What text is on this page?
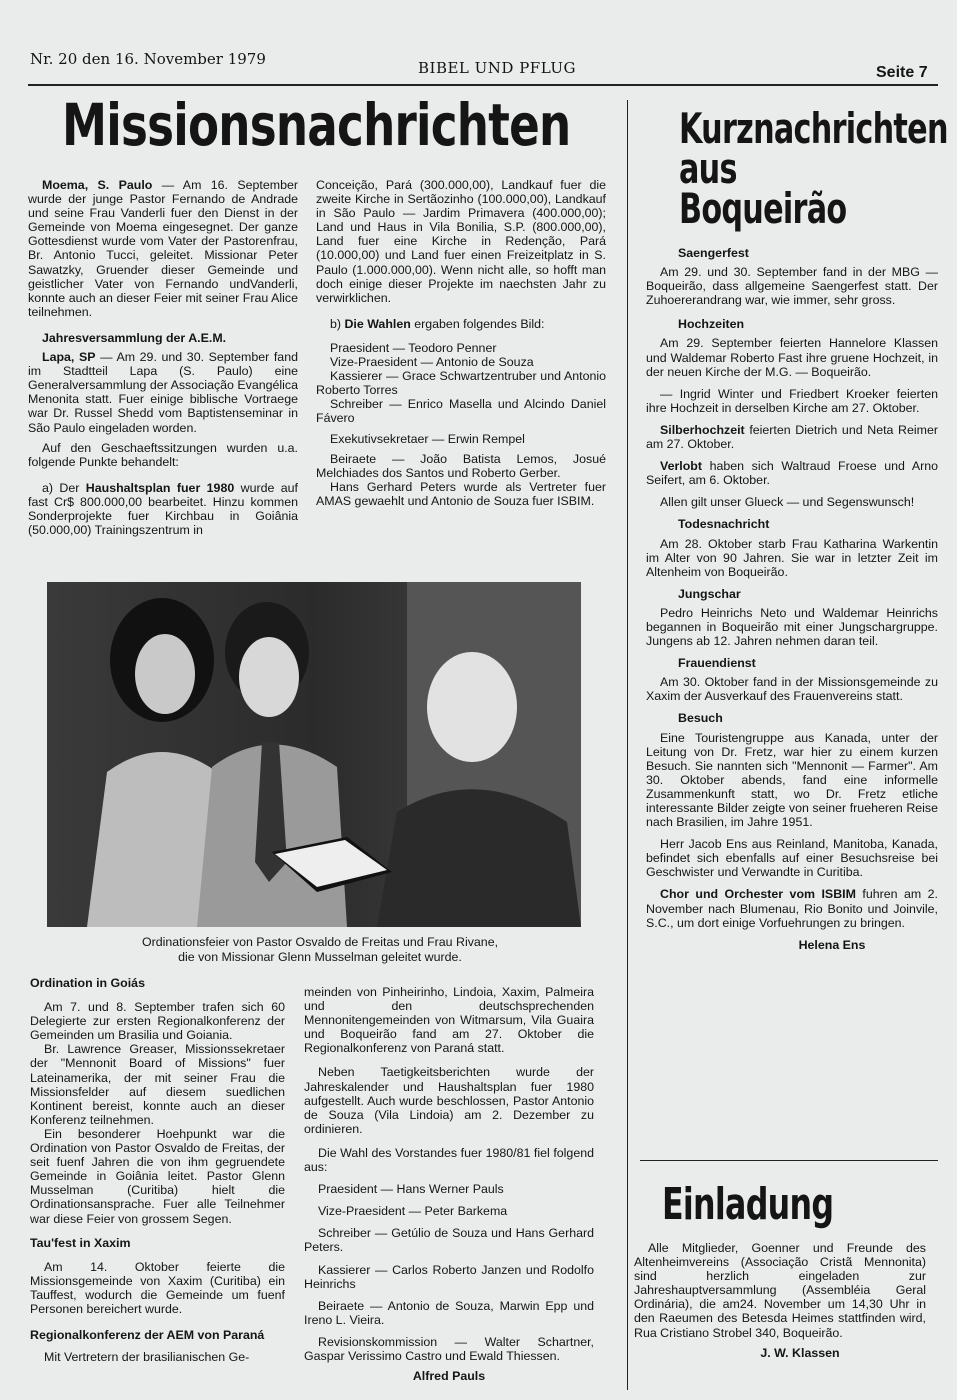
Nr. 20 den 16. November 1979	BIBEL UND PFLUG	Seite 7
Missionsnachrichten

Moema, S. Paulo — Am 16. September wurde der junge Pastor Fernando de Andrade und seine Frau Vanderli fuer den Dienst in der Gemeinde von Moema eingesegnet. Der ganze Gottesdienst wurde vom Vater der Pastorenfrau, Br. Antonio Tucci, geleitet. Missionar Peter Sawatzky, Gruender dieser Gemeinde und geistlicher Vater von Fernando undVanderli, konnte auch an dieser Feier mit seiner Frau Alice teilnehmen.

Jahresversammlung der A.E.M.

Lapa, SP — Am 29. und 30. September fand im Stadtteil Lapa (S. Paulo) eine Generalversammlung der Associação Evangélica Menonita statt. Fuer einige biblische Vortraege war Dr. Russel Shedd vom Baptistenseminar in São Paulo eingeladen worden.

Auf den Geschaeftssitzungen wurden u.a. folgende Punkte behandelt:

a) Der Haushaltsplan fuer 1980 wurde auf fast Cr$ 800.000,00 bearbeitet. Hinzu kommen Sonderprojekte fuer Kirchbau in Goiânia (50.000,00) Trainingszentrum in

Conceição, Pará (300.000,00), Landkauf fuer die zweite Kirche in Sertãozinho (100.000,00), Landkauf in São Paulo — Jardim Primavera (400.000,00); Land und Haus in Vila Bonilia, S.P. (800.000,00), Land fuer eine Kirche in Redenção, Pará (10.000,00) und Land fuer einen Freizeitplatz in S. Paulo (1.000.000,00). Wenn nicht alle, so hofft man doch einige dieser Projekte im naechsten Jahr zu verwirklichen.

b) Die Wahlen ergaben folgendes Bild:

Praesident — Teodoro Penner

Vize-Praesident — Antonio de Souza

Kassierer — Grace Schwartzentruber und Antonio Roberto Torres

Schreiber — Enrico Masella und Alcindo Daniel Fávero

Exekutivsekretaer — Erwin Rempel

Beiraete — João Batista Lemos, Josué Melchiades dos Santos und Roberto Gerber.

Hans Gerhard Peters wurde als Vertreter fuer AMAS gewaehlt und Antonio de Souza fuer ISBIM.

Ordinationsfeier von Pastor Osvaldo de Freitas und Frau Rivane,
die von Missionar Glenn Musselman geleitet wurde.

Ordination in Goiás

Am 7. und 8. September trafen sich 60 Delegierte zur ersten Regionalkonferenz der Gemeinden um Brasilia und Goiania.

Br. Lawrence Greaser, Missionssekretaer der "Mennonit Board of Missions" fuer Lateinamerika, der mit seiner Frau die Missionsfelder auf diesem suedlichen Kontinent bereist, konnte auch an dieser Konferenz teilnehmen.

Ein besonderer Hoehpunkt war die Ordination von Pastor Osvaldo de Freitas, der seit fuenf Jahren die von ihm gegruendete Gemeinde in Goiânia leitet. Pastor Glenn Musselman (Curitiba) hielt die Ordinationsansprache. Fuer alle Teilnehmer war diese Feier von grossem Segen.

Tau'fest in Xaxim

Am 14. Oktober feierte die Missionsgemeinde von Xaxim (Curitiba) ein Tauffest, wodurch die Gemeinde um fuenf Personen bereichert wurde.

Regionalkonferenz der AEM von Paraná

Mit Vertretern der brasilianischen Ge-

meinden von Pinheirinho, Lindoia, Xaxim, Palmeira und den deutschsprechenden Mennonitengemeinden von Witmarsum, Vila Guaira und Boqueirão fand am 27. Oktober die Regionalkonferenz von Paraná statt.

Neben Taetigkeitsberichten wurde der Jahreskalender und Haushaltsplan fuer 1980 aufgestellt. Auch wurde beschlossen, Pastor Antonio de Souza (Vila Lindoia) am 2. Dezember zu ordinieren.

Die Wahl des Vorstandes fuer 1980/81 fiel folgend aus:

Praesident — Hans Werner Pauls

Vize-Praesident — Peter Barkema

Schreiber — Getúlio de Souza und Hans Gerhard Peters.

Kassierer — Carlos Roberto Janzen und Rodolfo Heinrichs

Beiraete — Antonio de Souza, Marwin Epp und Ireno L. Vieira.

Revisionskommission — Walter Schartner, Gaspar Verissimo Castro und Ewald Thiessen.

Alfred Pauls

Kurznachrichten
aus
Boqueirão

Saengerfest

Am 29. und 30. September fand in der MBG — Boqueirão, dass allgemeine Saengerfest statt. Der Zuhoererandrang war, wie immer, sehr gross.

Hochzeiten

Am 29. September feierten Hannelore Klassen und Waldemar Roberto Fast ihre gruene Hochzeit, in der neuen Kirche der M.G. — Boqueirão.

— Ingrid Winter und Friedbert Kroeker feierten ihre Hochzeit in derselben Kirche am 27. Oktober.

Silberhochzeit feierten Dietrich und Neta Reimer am 27. Oktober.

Verlobt haben sich Waltraud Froese und Arno Seifert, am 6. Oktober.

Allen gilt unser Glueck — und Segenswunsch!

Todesnachricht

Am 28. Oktober starb Frau Katharina Warkentin im Alter von 90 Jahren. Sie war in letzter Zeit im Altenheim von Boqueirão.

Jungschar

Pedro Heinrichs Neto und Waldemar Heinrichs begannen in Boqueirão mit einer Jungschargruppe. Jungens ab 12. Jahren nehmen daran teil.

Frauendienst

Am 30. Oktober fand in der Missionsgemeinde zu Xaxim der Ausverkauf des Frauenvereins statt.

Besuch

Eine Touristengruppe aus Kanada, unter der Leitung von Dr. Fretz, war hier zu einem kurzen Besuch. Sie nannten sich "Mennonit — Farmer". Am 30. Oktober abends, fand eine informelle Zusammenkunft statt, wo Dr. Fretz etliche interessante Bilder zeigte von seiner frueheren Reise nach Brasilien, im Jahre 1951.

Herr Jacob Ens aus Reinland, Manitoba, Kanada, befindet sich ebenfalls auf einer Besuchsreise bei Geschwister und Verwandte in Curitiba.

Chor und Orchester vom ISBIM fuhren am 2. November nach Blumenau, Rio Bonito und Joinvile, S.C., um dort einige Vorfuehrungen zu bringen.

Helena Ens

Einladung

Alle Mitglieder, Goenner und Freunde des Altenheimvereins (Associação Cristã Mennonita) sind herzlich eingeladen zur Jahreshauptversammlung (Assembléia Geral Ordinária), die am24. November um 14,30 Uhr in den Raeumen des Betesda Heimes stattfinden wird, Rua Cristiano Strobel 340, Boqueirão.

J. W. Klassen
